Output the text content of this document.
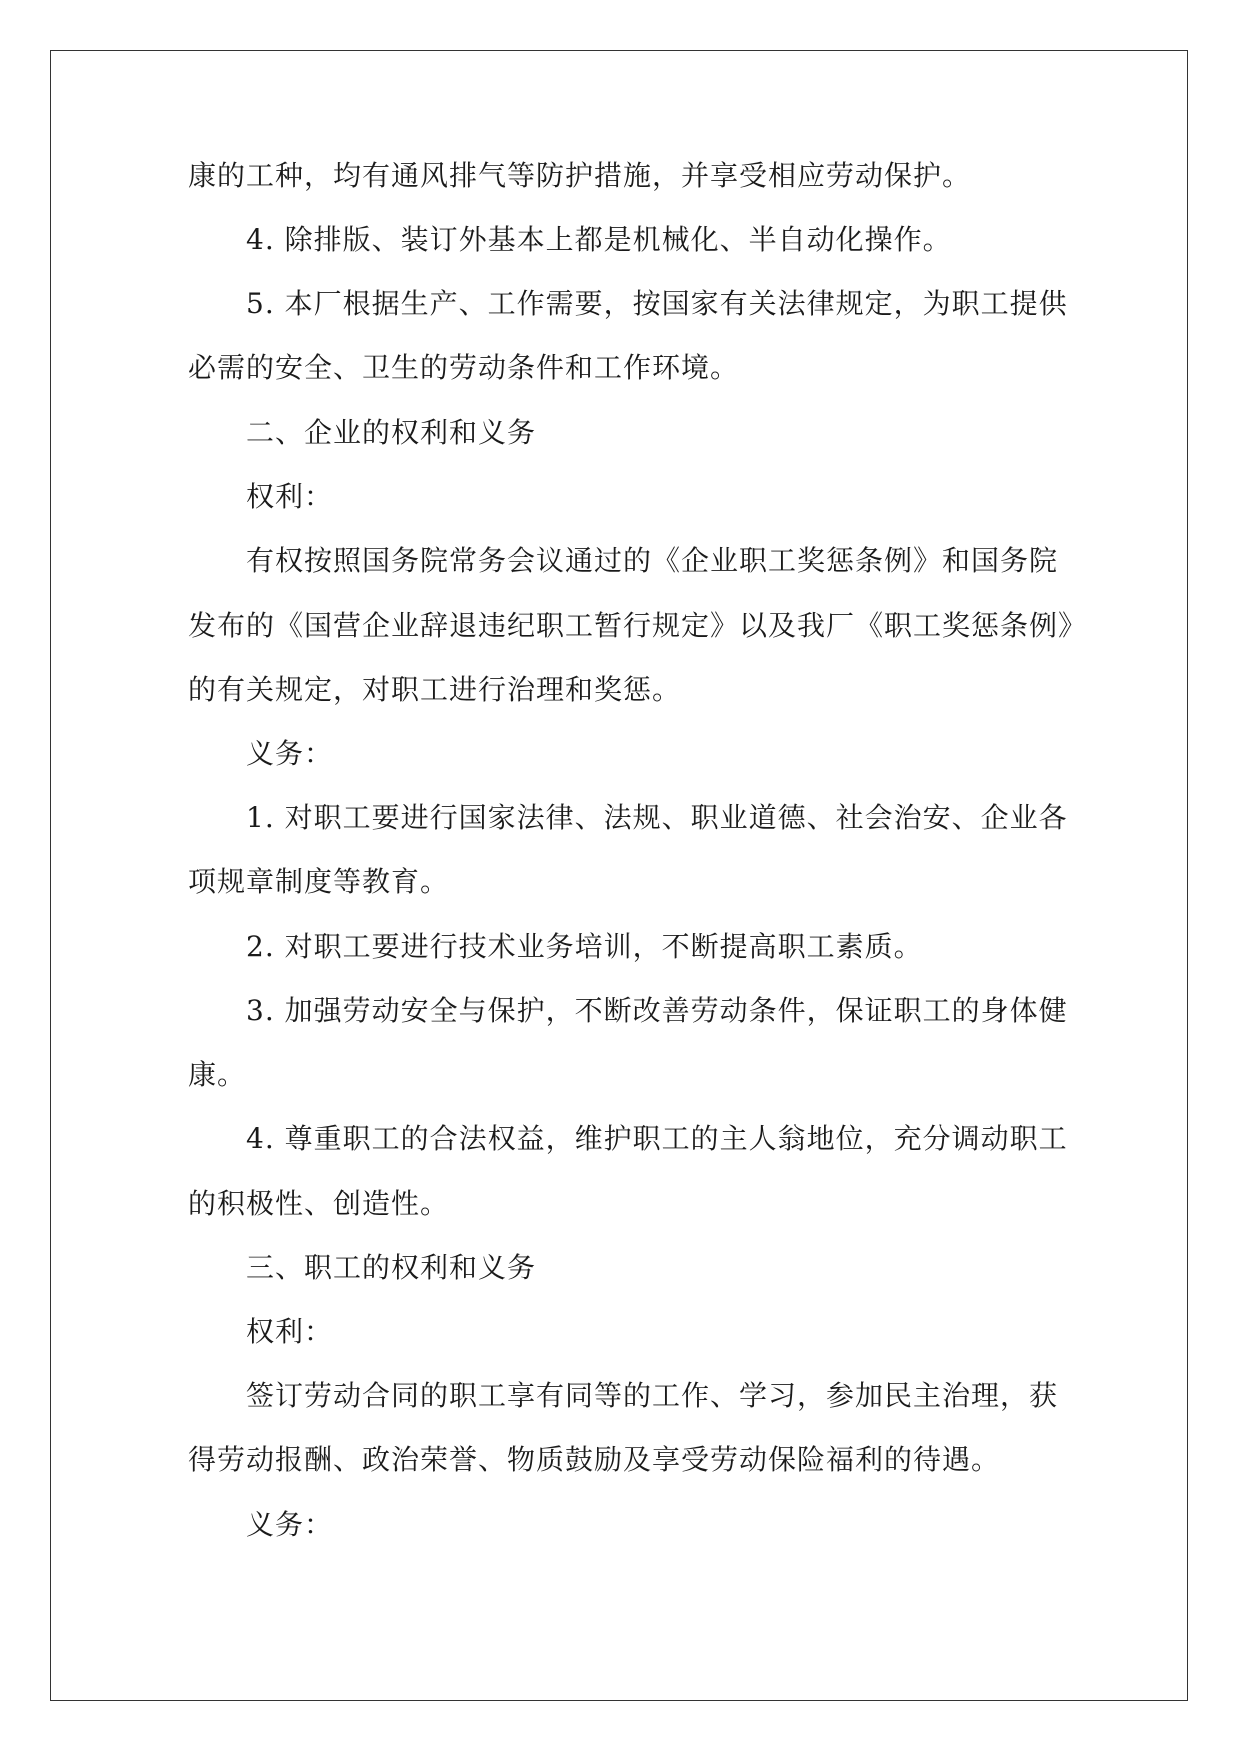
康的工种，均有通风排气等防护措施，并享受相应劳动保护。
4. 除排版、装订外基本上都是机械化、半自动化操作。
5. 本厂根据生产、工作需要，按国家有关法律规定，为职工提供
必需的安全、卫生的劳动条件和工作环境。
二、企业的权利和义务
权利：
有权按照国务院常务会议通过的《企业职工奖惩条例》和国务院
发布的《国营企业辞退违纪职工暂行规定》以及我厂《职工奖惩条例》
的有关规定，对职工进行治理和奖惩。
义务：
1. 对职工要进行国家法律、法规、职业道德、社会治安、企业各
项规章制度等教育。
2. 对职工要进行技术业务培训，不断提高职工素质。
3. 加强劳动安全与保护，不断改善劳动条件，保证职工的身体健
康。
4. 尊重职工的合法权益，维护职工的主人翁地位，充分调动职工
的积极性、创造性。
三、职工的权利和义务
权利：
签订劳动合同的职工享有同等的工作、学习，参加民主治理，获
得劳动报酬、政治荣誉、物质鼓励及享受劳动保险福利的待遇。
义务：
